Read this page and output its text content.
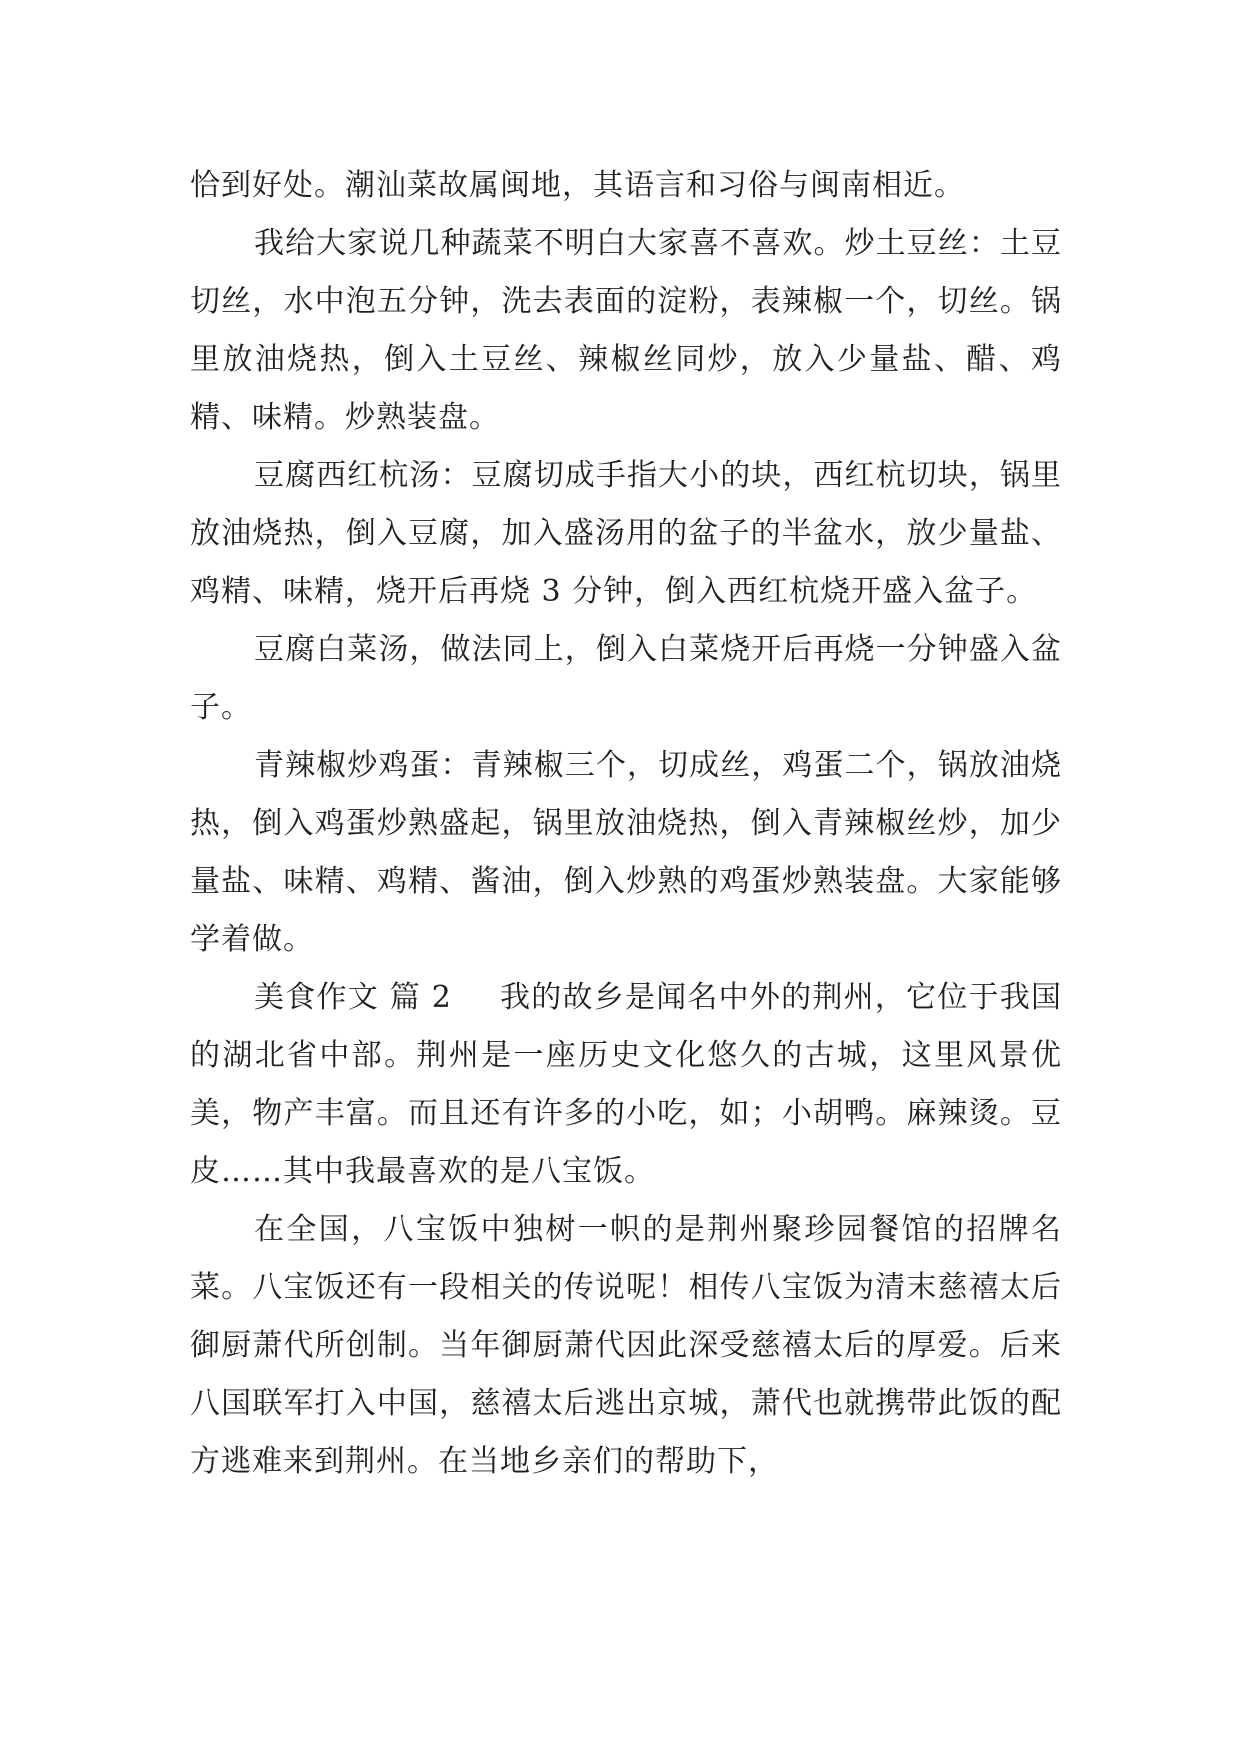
恰到好处。潮汕菜故属闽地，其语言和习俗与闽南相近。

我给大家说几种蔬菜不明白大家喜不喜欢。炒土豆丝：土豆切丝，水中泡五分钟，洗去表面的淀粉，表辣椒一个，切丝。锅里放油烧热，倒入土豆丝、辣椒丝同炒，放入少量盐、醋、鸡精、味精。炒熟装盘。

豆腐西红杭汤：豆腐切成手指大小的块，西红杭切块，锅里放油烧热，倒入豆腐，加入盛汤用的盆子的半盆水，放少量盐、鸡精、味精，烧开后再烧 3 分钟，倒入西红杭烧开盛入盆子。

豆腐白菜汤，做法同上，倒入白菜烧开后再烧一分钟盛入盆子。

青辣椒炒鸡蛋：青辣椒三个，切成丝，鸡蛋二个，锅放油烧热，倒入鸡蛋炒熟盛起，锅里放油烧热，倒入青辣椒丝炒，加少量盐、味精、鸡精、酱油，倒入炒熟的鸡蛋炒熟装盘。大家能够学着做。

美食作文 篇 2 我的故乡是闻名中外的荆州，它位于我国的湖北省中部。荆州是一座历史文化悠久的古城，这里风景优美，物产丰富。而且还有许多的小吃，如；小胡鸭。麻辣烫。豆皮……其中我最喜欢的是八宝饭。

在全国，八宝饭中独树一帜的是荆州聚珍园餐馆的招牌名菜。八宝饭还有一段相关的传说呢！相传八宝饭为清末慈禧太后御厨萧代所创制。当年御厨萧代因此深受慈禧太后的厚爱。后来八国联军打入中国，慈禧太后逃出京城，萧代也就携带此饭的配方逃难来到荆州。在当地乡亲们的帮助下，
